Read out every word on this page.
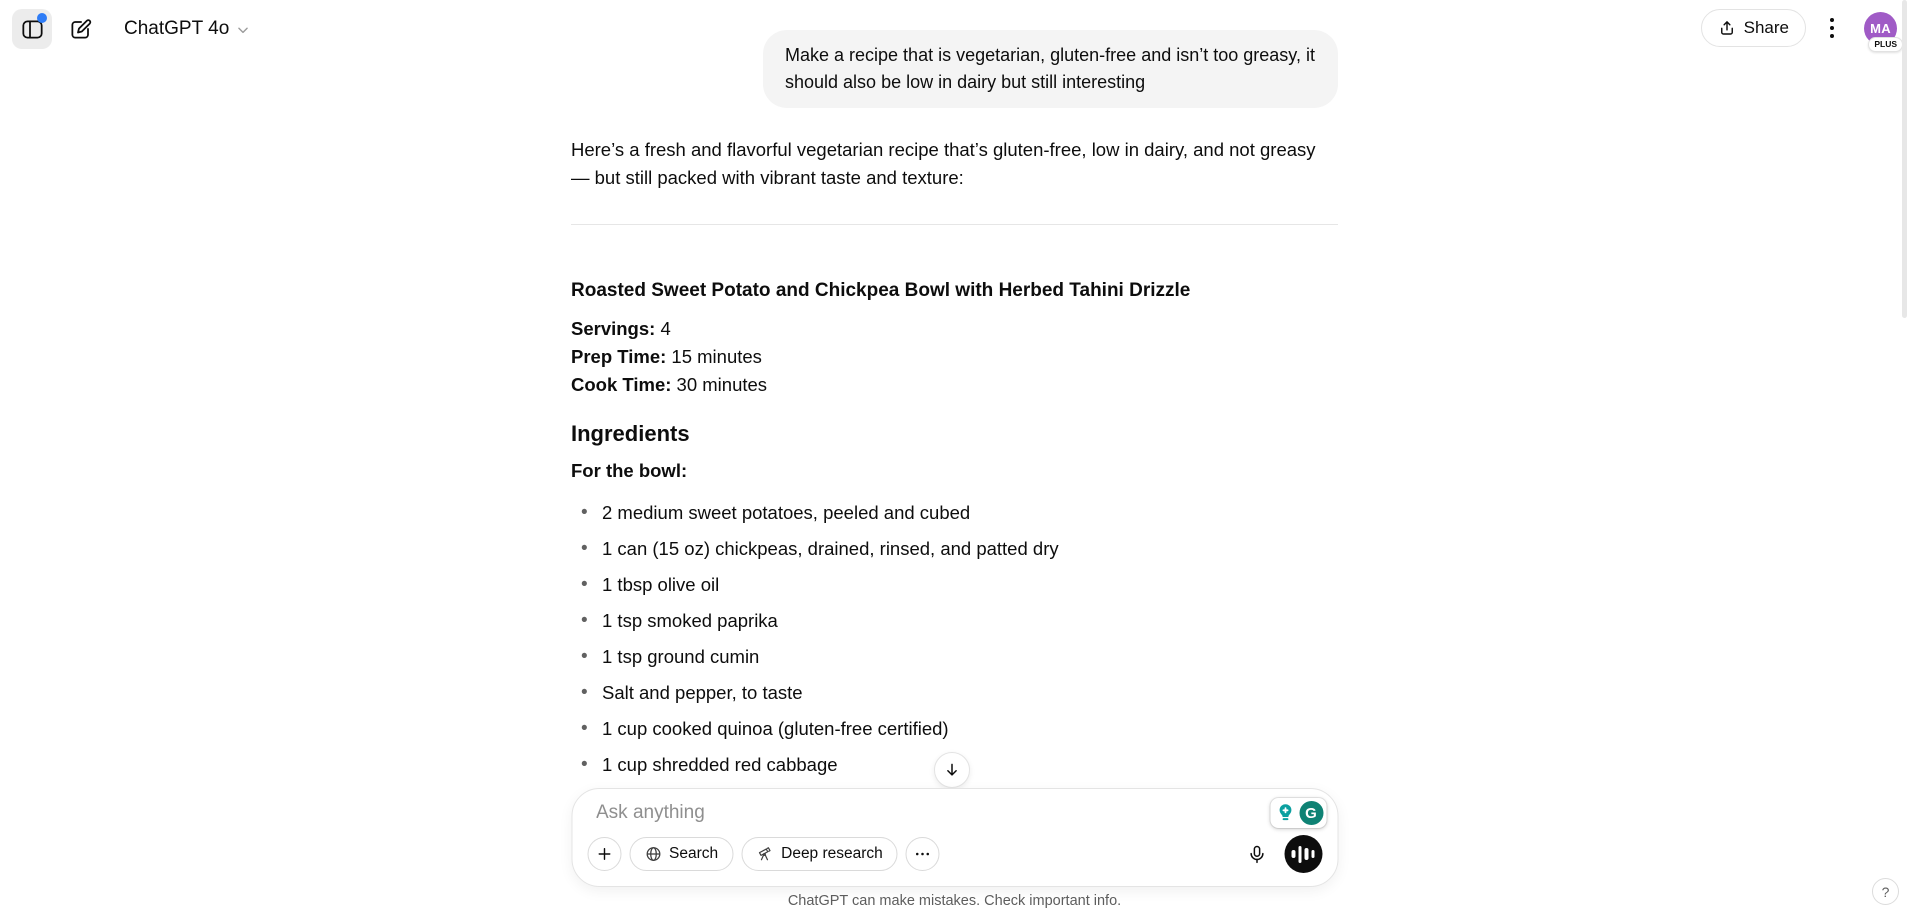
ChatGPT 4o	Share	MA
PLUS
Make a recipe that is vegetarian, gluten-free and isn’t too greasy, it should also be low in dairy but still interesting

Here’s a fresh and flavorful vegetarian recipe that’s gluten-free, low in dairy, and not greasy — but still packed with vibrant taste and texture:

Roasted Sweet Potato and Chickpea Bowl with Herbed Tahini Drizzle

Servings: 4

Prep Time: 15 minutes

Cook Time: 30 minutes

Ingredients

For the bowl:

• 2 medium sweet potatoes, peeled and cubed
• 1 can (15 oz) chickpeas, drained, rinsed, and patted dry
• 1 tbsp olive oil
• 1 tsp smoked paprika
• 1 tsp ground cumin
• Salt and pepper, to taste
• 1 cup cooked quinoa (gluten-free certified)
• 1 cup shredded red cabbage
•
Ask anything
G
Search	Deep research
ChatGPT can make mistakes. Check important info.
?
